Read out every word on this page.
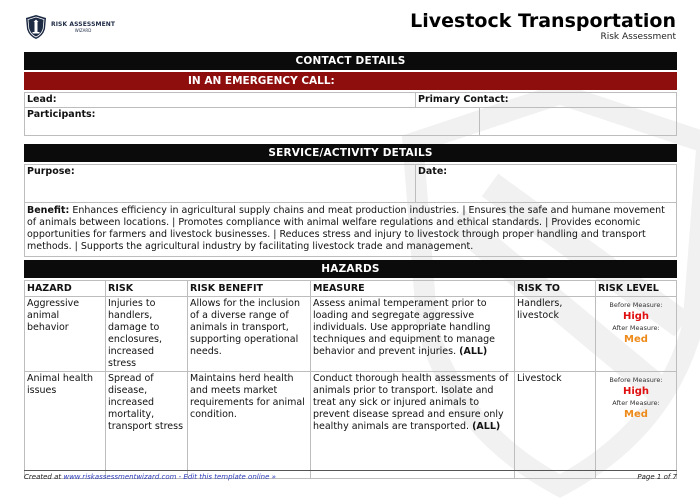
RISK ASSESSMENT
WIZARD	Livestock Transportation
Risk Assessment
CONTACT DETAILS
IN AN EMERGENCY CALL:
Lead:	Primary Contact:	
Participants:		
SERVICE/ACTIVITY DETAILS
Purpose:	Date:
Benefit: Enhances efficiency in agricultural supply chains and meat production industries. | Ensures the safe and humane movement of animals between locations. | Promotes compliance with animal welfare regulations and ethical standards. | Provides economic opportunities for farmers and livestock businesses. | Reduces stress and injury to livestock through proper handling and transport methods. | Supports the agricultural industry by facilitating livestock trade and management.
HAZARDS
HAZARD	RISK	RISK BENEFIT	MEASURE	RISK TO	RISK LEVEL
Aggressive animal behavior	Injuries to handlers, damage to enclosures, increased stress	Allows for the inclusion of a diverse range of animals in transport, supporting operational needs.	Assess animal temperament prior to loading and segregate aggressive individuals. Use appropriate handling techniques and equipment to manage behavior and prevent injuries. (ALL)	Handlers, livestock	Before Measure:
High
After Measure:
Med

Animal health issues	Spread of disease, increased mortality, transport stress	Maintains herd health and meets market requirements for animal condition.	Conduct thorough health assessments of animals prior to transport. Isolate and treat any sick or injured animals to prevent disease spread and ensure only healthy animals are transported. (ALL)	Livestock	Before Measure:
High
After Measure:
Med
Created at www.riskassessmentwizard.com - Edit this template online »	Page 1 of 7
